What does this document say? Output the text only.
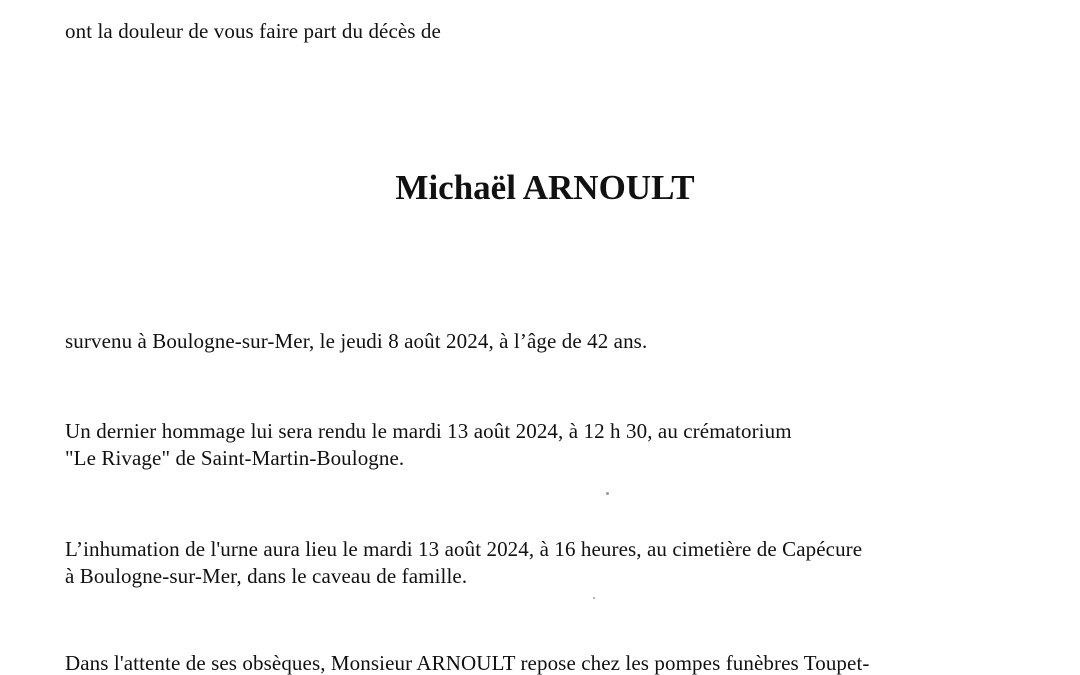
ont la douleur de vous faire part du décès de
Michaël ARNOULT
survenu à Boulogne-sur-Mer, le jeudi 8 août 2024, à l’âge de 42 ans.
Un dernier hommage lui sera rendu le mardi 13 août 2024, à 12 h 30, au crématorium
"Le Rivage" de Saint-Martin-Boulogne.
L’inhumation de l'urne aura lieu le mardi 13 août 2024, à 16 heures, au cimetière de Capécure
à Boulogne-sur-Mer, dans le caveau de famille.
Dans l'attente de ses obsèques, Monsieur ARNOULT repose chez les pompes funèbres Toupet-
